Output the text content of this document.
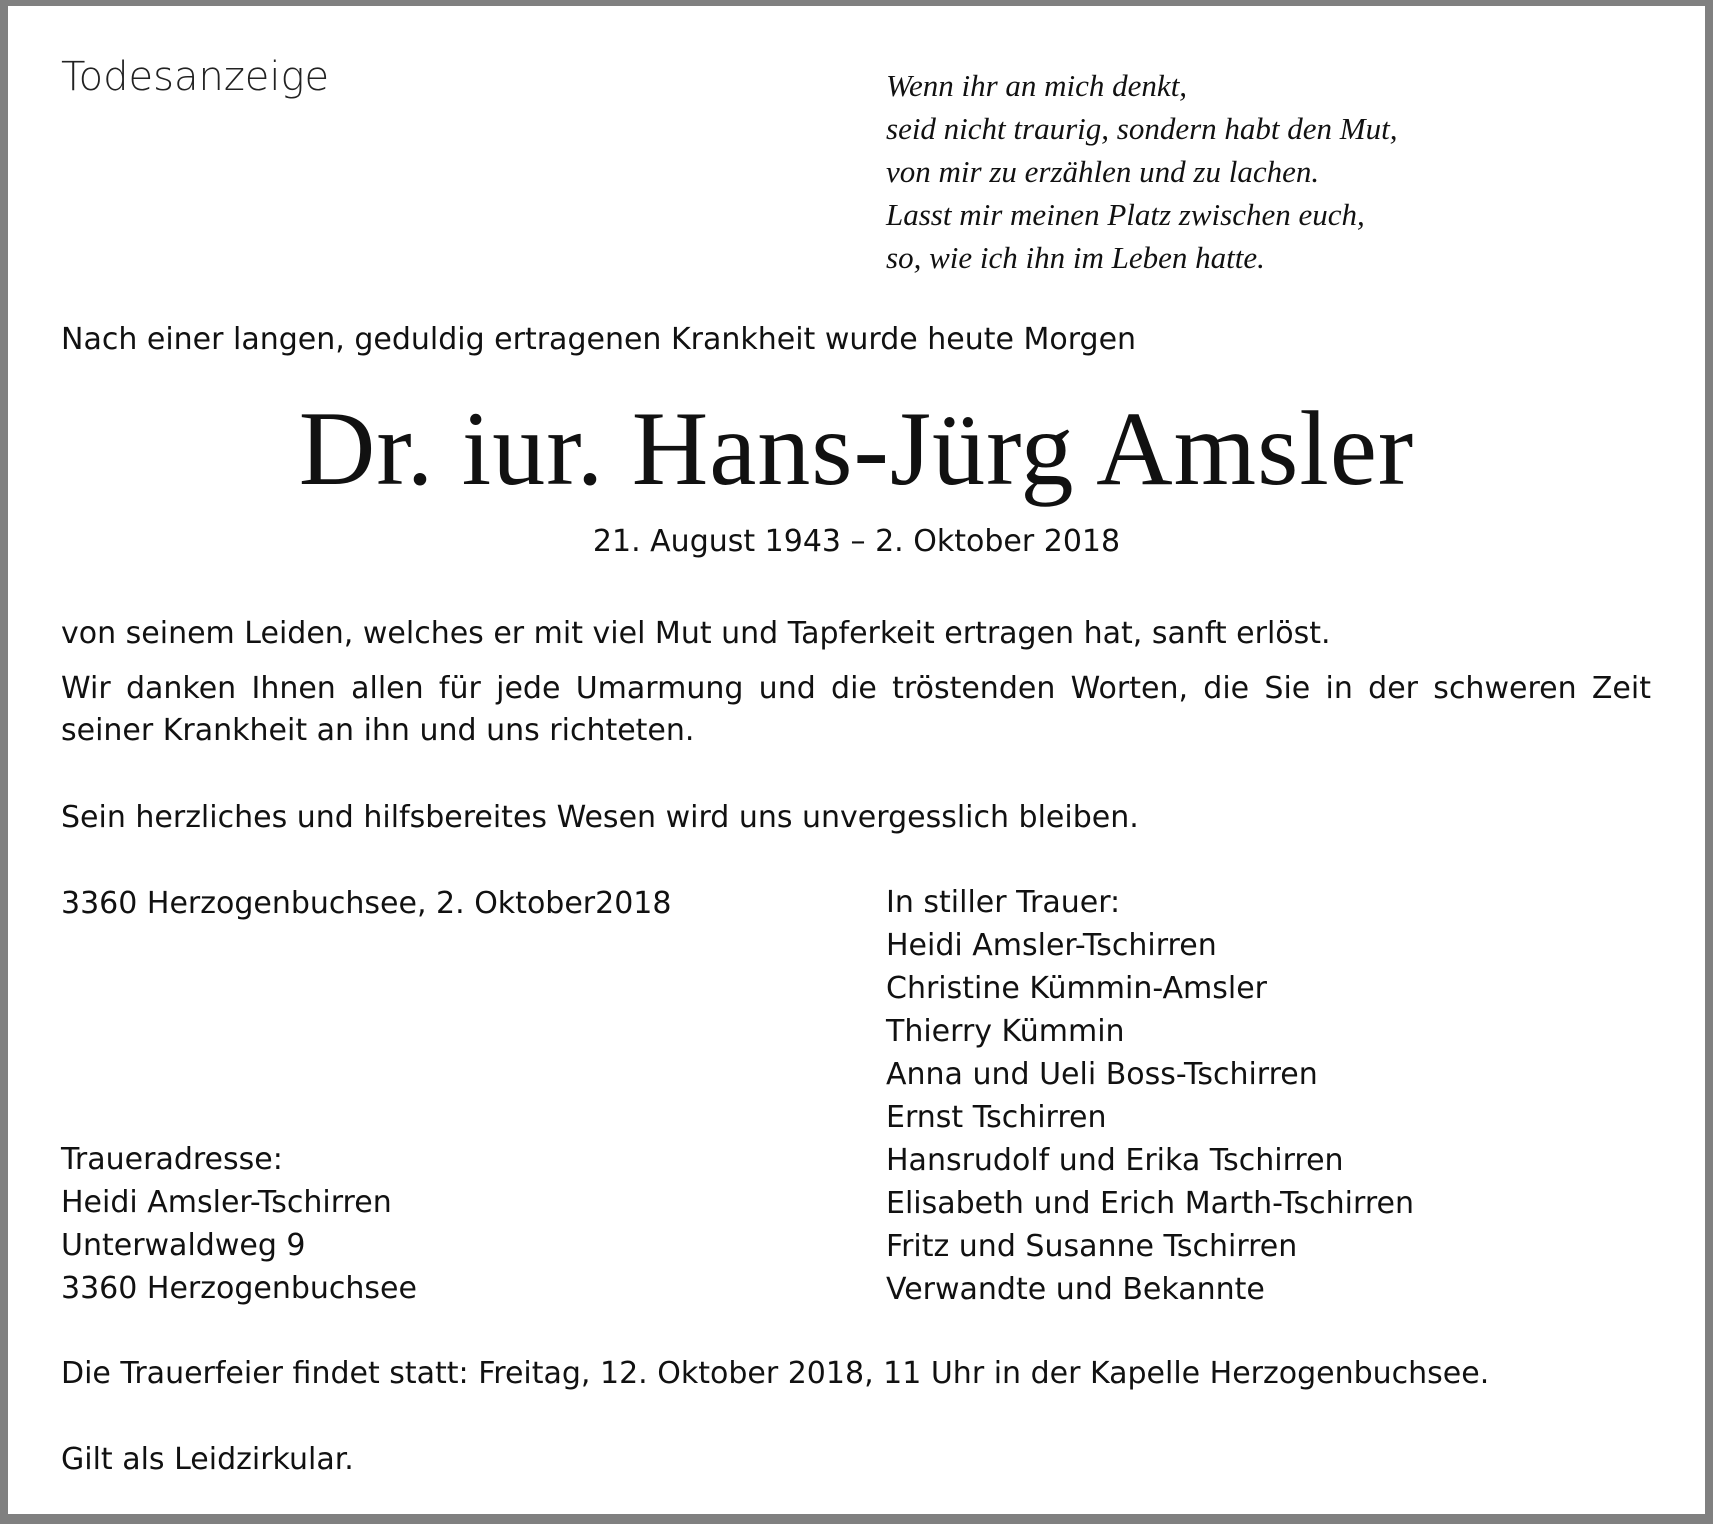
Todesanzeige	Wenn ihr an mich denkt,
seid nicht traurig, sondern habt den Mut,
von mir zu erzählen und zu lachen.
Lasst mir meinen Platz zwischen euch,
so, wie ich ihn im Leben hatte.

Nach einer langen, geduldig ertragenen Krankheit wurde heute Morgen

Dr. iur. Hans-Jürg Amsler

21. August 1943 – 2. Oktober 2018

von seinem Leiden, welches er mit viel Mut und Tapferkeit ertragen hat, sanft erlöst.

Wir danken Ihnen allen für jede Umarmung und die tröstenden Worten, die Sie in der schweren Zeit seiner Krankheit an ihn und uns richteten.

Sein herzliches und hilfsbereites Wesen wird uns unvergesslich bleiben.

3360 Herzogenbuchsee, 2. Oktober2018	In stiller Trauer:
Heidi Amsler-Tschirren
Christine Kümmin-Amsler
Thierry Kümmin
Anna und Ueli Boss-Tschirren
Ernst Tschirren
Hansrudolf und Erika Tschirren
Elisabeth und Erich Marth-Tschirren
Fritz und Susanne Tschirren
Verwandte und Bekannte
Traueradresse:
Heidi Amsler-Tschirren
Unterwaldweg 9
3360 Herzogenbuchsee

Die Trauerfeier findet statt: Freitag, 12. Oktober 2018, 11 Uhr in der Kapelle Herzogenbuchsee.

Gilt als Leidzirkular.
